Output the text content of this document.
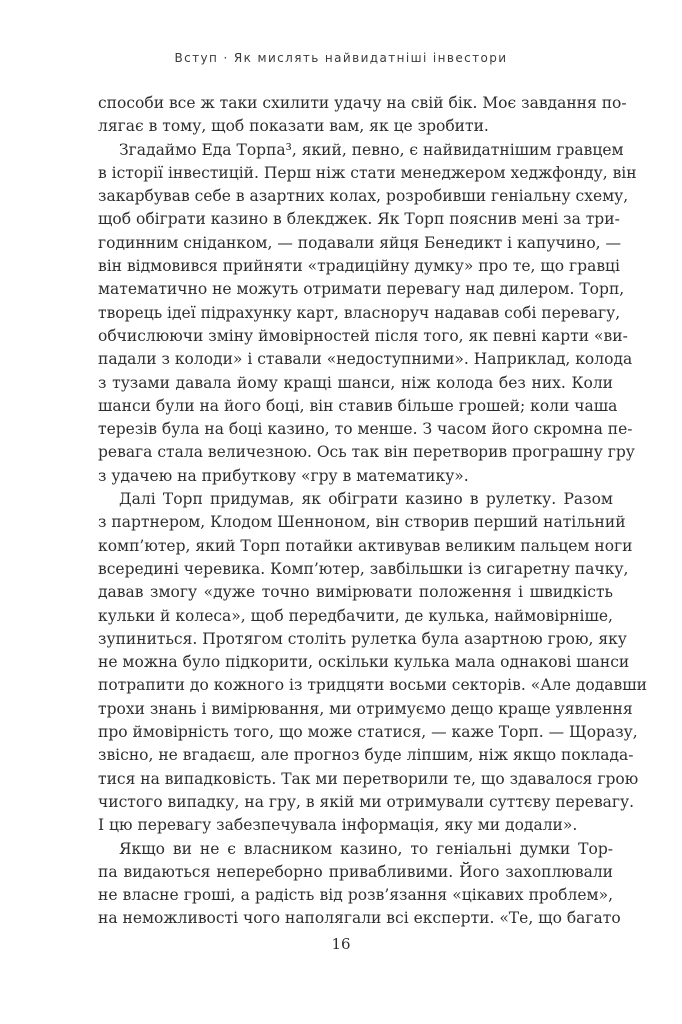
Вступ · Як мислять найвидатніші інвестори
способи все ж таки схилити удачу на свій бік. Моє завдання по-
лягає в тому, щоб показати вам, як це зробити.
Згадаймо Еда Торпа³, який, певно, є найвидатнішим гравцем
в історії інвестицій. Перш ніж стати менеджером хеджфонду, він
закарбував себе в азартних колах, розробивши геніальну схему,
щоб обіграти казино в блекджек. Як Торп пояснив мені за три-
годинним сніданком, — подавали яйця Бенедикт і капучино, —
він відмовився прийняти «традиційну думку» про те, що гравці
математично не можуть отримати перевагу над дилером. Торп,
творець ідеї підрахунку карт, власноруч надавав собі перевагу,
обчислюючи зміну ймовірностей після того, як певні карти «ви-
падали з колоди» і ставали «недоступними». Наприклад, колода
з тузами давала йому кращі шанси, ніж колода без них. Коли
шанси були на його боці, він ставив більше грошей; коли чаша
терезів була на боці казино, то менше. З часом його скромна пе-
ревага стала величезною. Ось так він перетворив програшну гру
з удачею на прибуткову «гру в математику».
Далі Торп придумав, як обіграти казино в рулетку. Разом
з партнером, Клодом Шенноном, він створив перший натільний
комп’ютер, який Торп потайки активував великим пальцем ноги
всередині черевика. Комп’ютер, завбільшки із сигаретну пачку,
давав змогу «дуже точно вимірювати положення і швидкість
кульки й колеса», щоб передбачити, де кулька, наймовірніше,
зупиниться. Протягом століть рулетка була азартною грою, яку
не можна було підкорити, оскільки кулька мала однакові шанси
потрапити до кожного із тридцяти восьми секторів. «Але додавши
трохи знань і вимірювання, ми отримуємо дещо краще уявлення
про ймовірність того, що може статися, — каже Торп. — Щоразу,
звісно, не вгадаєш, але прогноз буде ліпшим, ніж якщо поклада-
тися на випадковість. Так ми перетворили те, що здавалося грою
чистого випадку, на гру, в якій ми отримували суттєву перевагу.
І цю перевагу забезпечувала інформація, яку ми додали».
Якщо ви не є власником казино, то геніальні думки Тор-
па видаються непереборно привабливими. Його захоплювали
не власне гроші, а радість від розв’язання «цікавих проблем»,
на неможливості чого наполягали всі експерти. «Те, що багато
16
